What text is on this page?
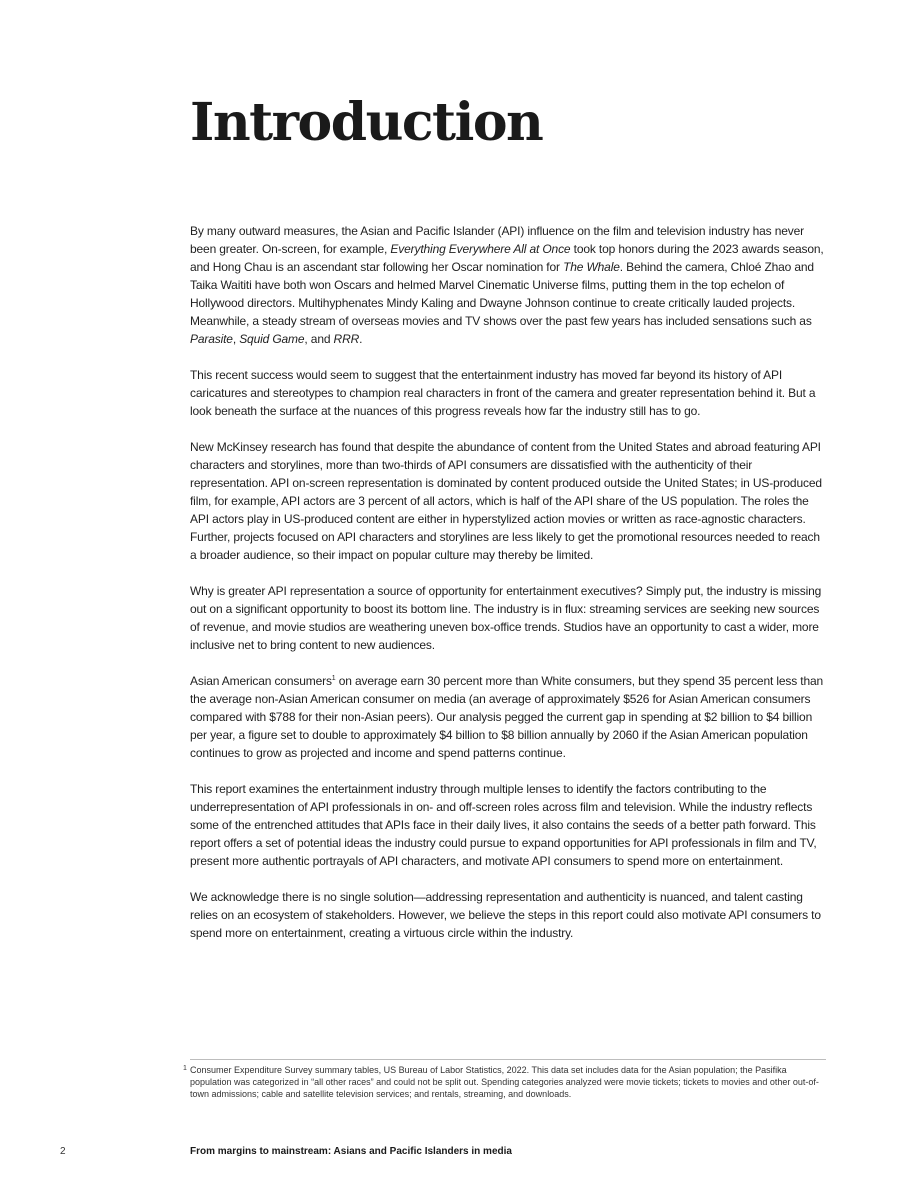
Introduction

By many outward measures, the Asian and Pacific Islander (API) influence on the film and television industry has never been greater. On-screen, for example, Everything Everywhere All at Once took top honors during the 2023 awards season, and Hong Chau is an ascendant star following her Oscar nomination for The Whale. Behind the camera, Chloé Zhao and Taika Waititi have both won Oscars and helmed Marvel Cinematic Universe films, putting them in the top echelon of Hollywood directors. Multihyphenates Mindy Kaling and Dwayne Johnson continue to create critically lauded projects. Meanwhile, a steady stream of overseas movies and TV shows over the past few years has included sensations such as Parasite, Squid Game, and RRR.

This recent success would seem to suggest that the entertainment industry has moved far beyond its history of API caricatures and stereotypes to champion real characters in front of the camera and greater representation behind it. But a look beneath the surface at the nuances of this progress reveals how far the industry still has to go.

New McKinsey research has found that despite the abundance of content from the United States and abroad featuring API characters and storylines, more than two-thirds of API consumers are dissatisfied with the authenticity of their representation. API on-screen representation is dominated by content produced outside the United States; in US-produced film, for example, API actors are 3 percent of all actors, which is half of the API share of the US population. The roles the API actors play in US-produced content are either in hyperstylized action movies or written as race-agnostic characters. Further, projects focused on API characters and storylines are less likely to get the promotional resources needed to reach a broader audience, so their impact on popular culture may thereby be limited.

Why is greater API representation a source of opportunity for entertainment executives? Simply put, the industry is missing out on a significant opportunity to boost its bottom line. The industry is in flux: streaming services are seeking new sources of revenue, and movie studios are weathering uneven box-office trends. Studios have an opportunity to cast a wider, more inclusive net to bring content to new audiences.

Asian American consumers$^1$ on average earn 30 percent more than White consumers, but they spend 35 percent less than the average non-Asian American consumer on media (an average of approximately $526 for Asian American consumers compared with $788 for their non-Asian peers). Our analysis pegged the current gap in spending at $2 billion to $4 billion per year, a figure set to double to approximately $4 billion to $8 billion annually by 2060 if the Asian American population continues to grow as projected and income and spend patterns continue.

This report examines the entertainment industry through multiple lenses to identify the factors contributing to the underrepresentation of API professionals in on- and off-screen roles across film and television. While the industry reflects some of the entrenched attitudes that APIs face in their daily lives, it also contains the seeds of a better path forward. This report offers a set of potential ideas the industry could pursue to expand opportunities for API professionals in film and TV, present more authentic portrayals of API characters, and motivate API consumers to spend more on entertainment.

We acknowledge there is no single solution—addressing representation and authenticity is nuanced, and talent casting relies on an ecosystem of stakeholders. However, we believe the steps in this report could also motivate API consumers to spend more on entertainment, creating a virtuous circle within the industry.

1 Consumer Expenditure Survey summary tables, US Bureau of Labor Statistics, 2022. This data set includes data for the Asian population; the Pasifika population was categorized in “all other races” and could not be split out. Spending categories analyzed were movie tickets; tickets to movies and other out-of-town admissions; cable and satellite television services; and rentals, streaming, and downloads.

2	From margins to mainstream: Asians and Pacific Islanders in media
